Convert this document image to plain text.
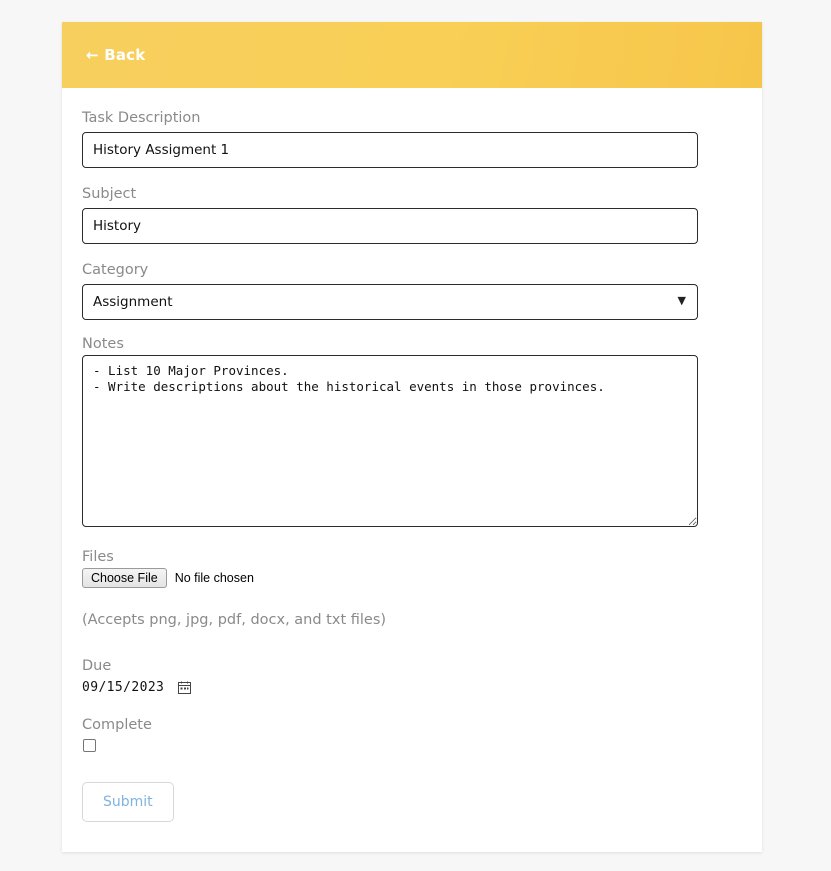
← Back
Task Description
History Assigment 1
Subject
History
Category
Assignment
▼
Notes
- List 10 Major Provinces. - Write descriptions about the historical events in those provinces.
Files
Choose File	No file chosen
(Accepts png, jpg, pdf, docx, and txt files)
Due
09/15/2023
Complete
Submit
